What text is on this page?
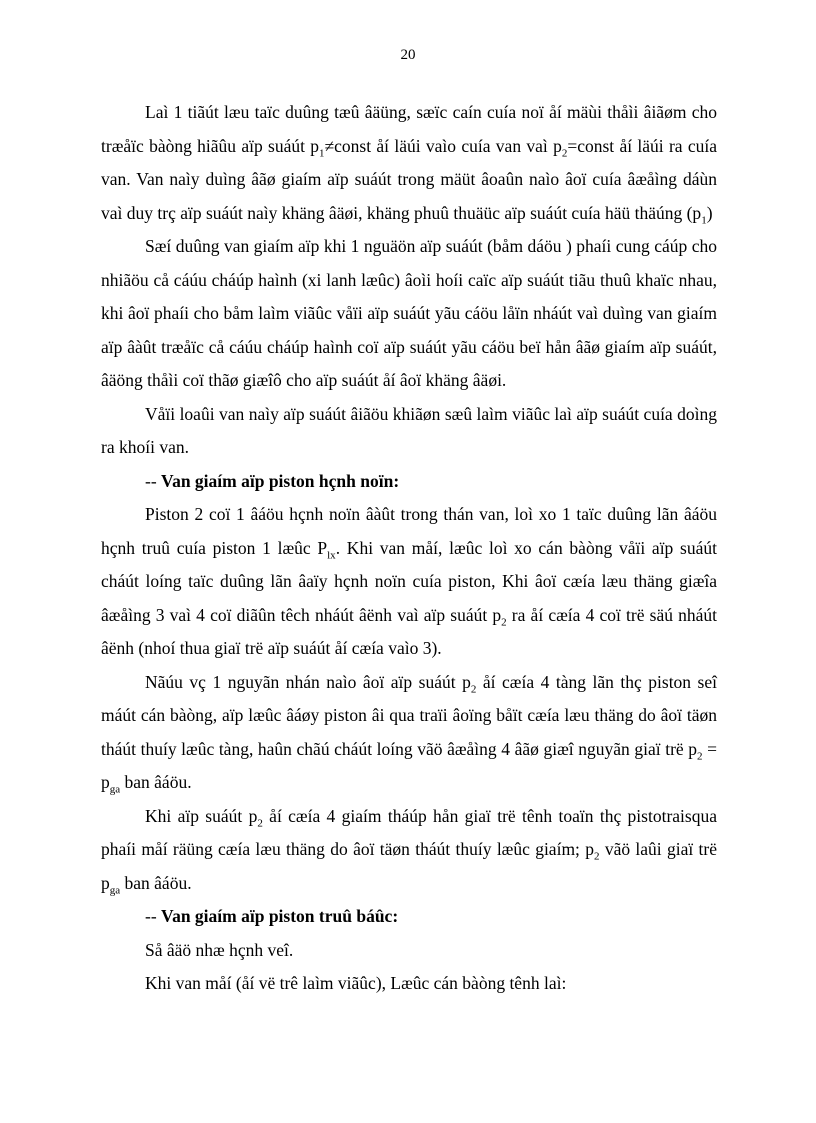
20

Laì 1 tiãút læu taïc duûng tæû âäüng, sæïc caín cuía noï åí mäùi thåìi âiãøm cho træåïc bàòng hiãûu aïp suáút $p_1\ne const$ åí läúi vaìo cuía van vaì $p_2=const$ åí läúi ra cuía van. Van naìy duìng âãø giaím aïp suáút trong mäüt âoaûn naìo âoï cuía âæåìng dáùn vaì duy trç aïp suáút naìy khäng âäøi, khäng phuû thuäüc aïp suáút cuía häü thäúng $(p_1)$

Sæí duûng van giaím aïp khi 1 nguäön aïp suáút (båm dáöu ) phaíi cung cáúp cho nhiãöu cå cáúu cháúp haình (xi lanh læûc) âoìi hoíi caïc aïp suáút tiãu thuû khaïc nhau, khi âoï phaíi cho båm laìm viãûc våïi aïp suáút yãu cáöu låïn nháút vaì duìng van giaím aïp âàût træåïc cå cáúu cháúp haình coï aïp suáút yãu cáöu beï hån âãø giaím aïp suáút, âäöng thåìi coï thãø giæîô cho aïp suáút åí âoï khäng âäøi.

Våïi loaûi van naìy aïp suáút âiãöu khiãøn sæû laìm viãûc laì aïp suáút cuía doìng ra khoíi van.

-- Van giaím aïp piston hçnh noïn:

Piston 2 coï 1 âáöu hçnh noïn âàût trong thán van, loì xo 1 taïc duûng lãn âáöu hçnh truû cuía piston 1 læûc $P_{lx}$. Khi van måí, læûc loì xo cán bàòng våïi aïp suáút cháút loíng taïc duûng lãn âaïy hçnh noïn cuía piston, Khi âoï cæía læu thäng giæîa âæåìng 3 vaì 4 coï diãûn têch nháút âënh vaì aïp suáút $p_2$ ra åí cæía 4 coï trë säú nháút âënh (nhoí thua giaï trë aïp suáút åí cæía vaìo 3).

Nãúu vç 1 nguyãn nhán naìo âoï aïp suáút $p_2$ åí cæía 4 tàng lãn thç piston seî máút cán bàòng, aïp læûc âáøy piston âi qua traïi âoïng båït cæía læu thäng do âoï täøn tháút thuíy læûc tàng, haûn chãú cháút loíng vãö âæåìng 4 âãø giæî nguyãn giaï trë $p_2 = p_{ga}$ ban âáöu.

Khi aïp suáút $p_2$ åí cæía 4 giaím tháúp hån giaï trë tênh toaïn thç pistotraisqua phaíi måí räüng cæía læu thäng do âoï täøn tháút thuíy læûc giaím; $p_2$ vãö laûi giaï trë $p_{ga}$ ban âáöu.

-- Van giaím aïp piston truû báûc:

Så âäö nhæ hçnh veî.

Khi van måí (åí vë trê laìm viãûc), Læûc cán bàòng tênh laì:
